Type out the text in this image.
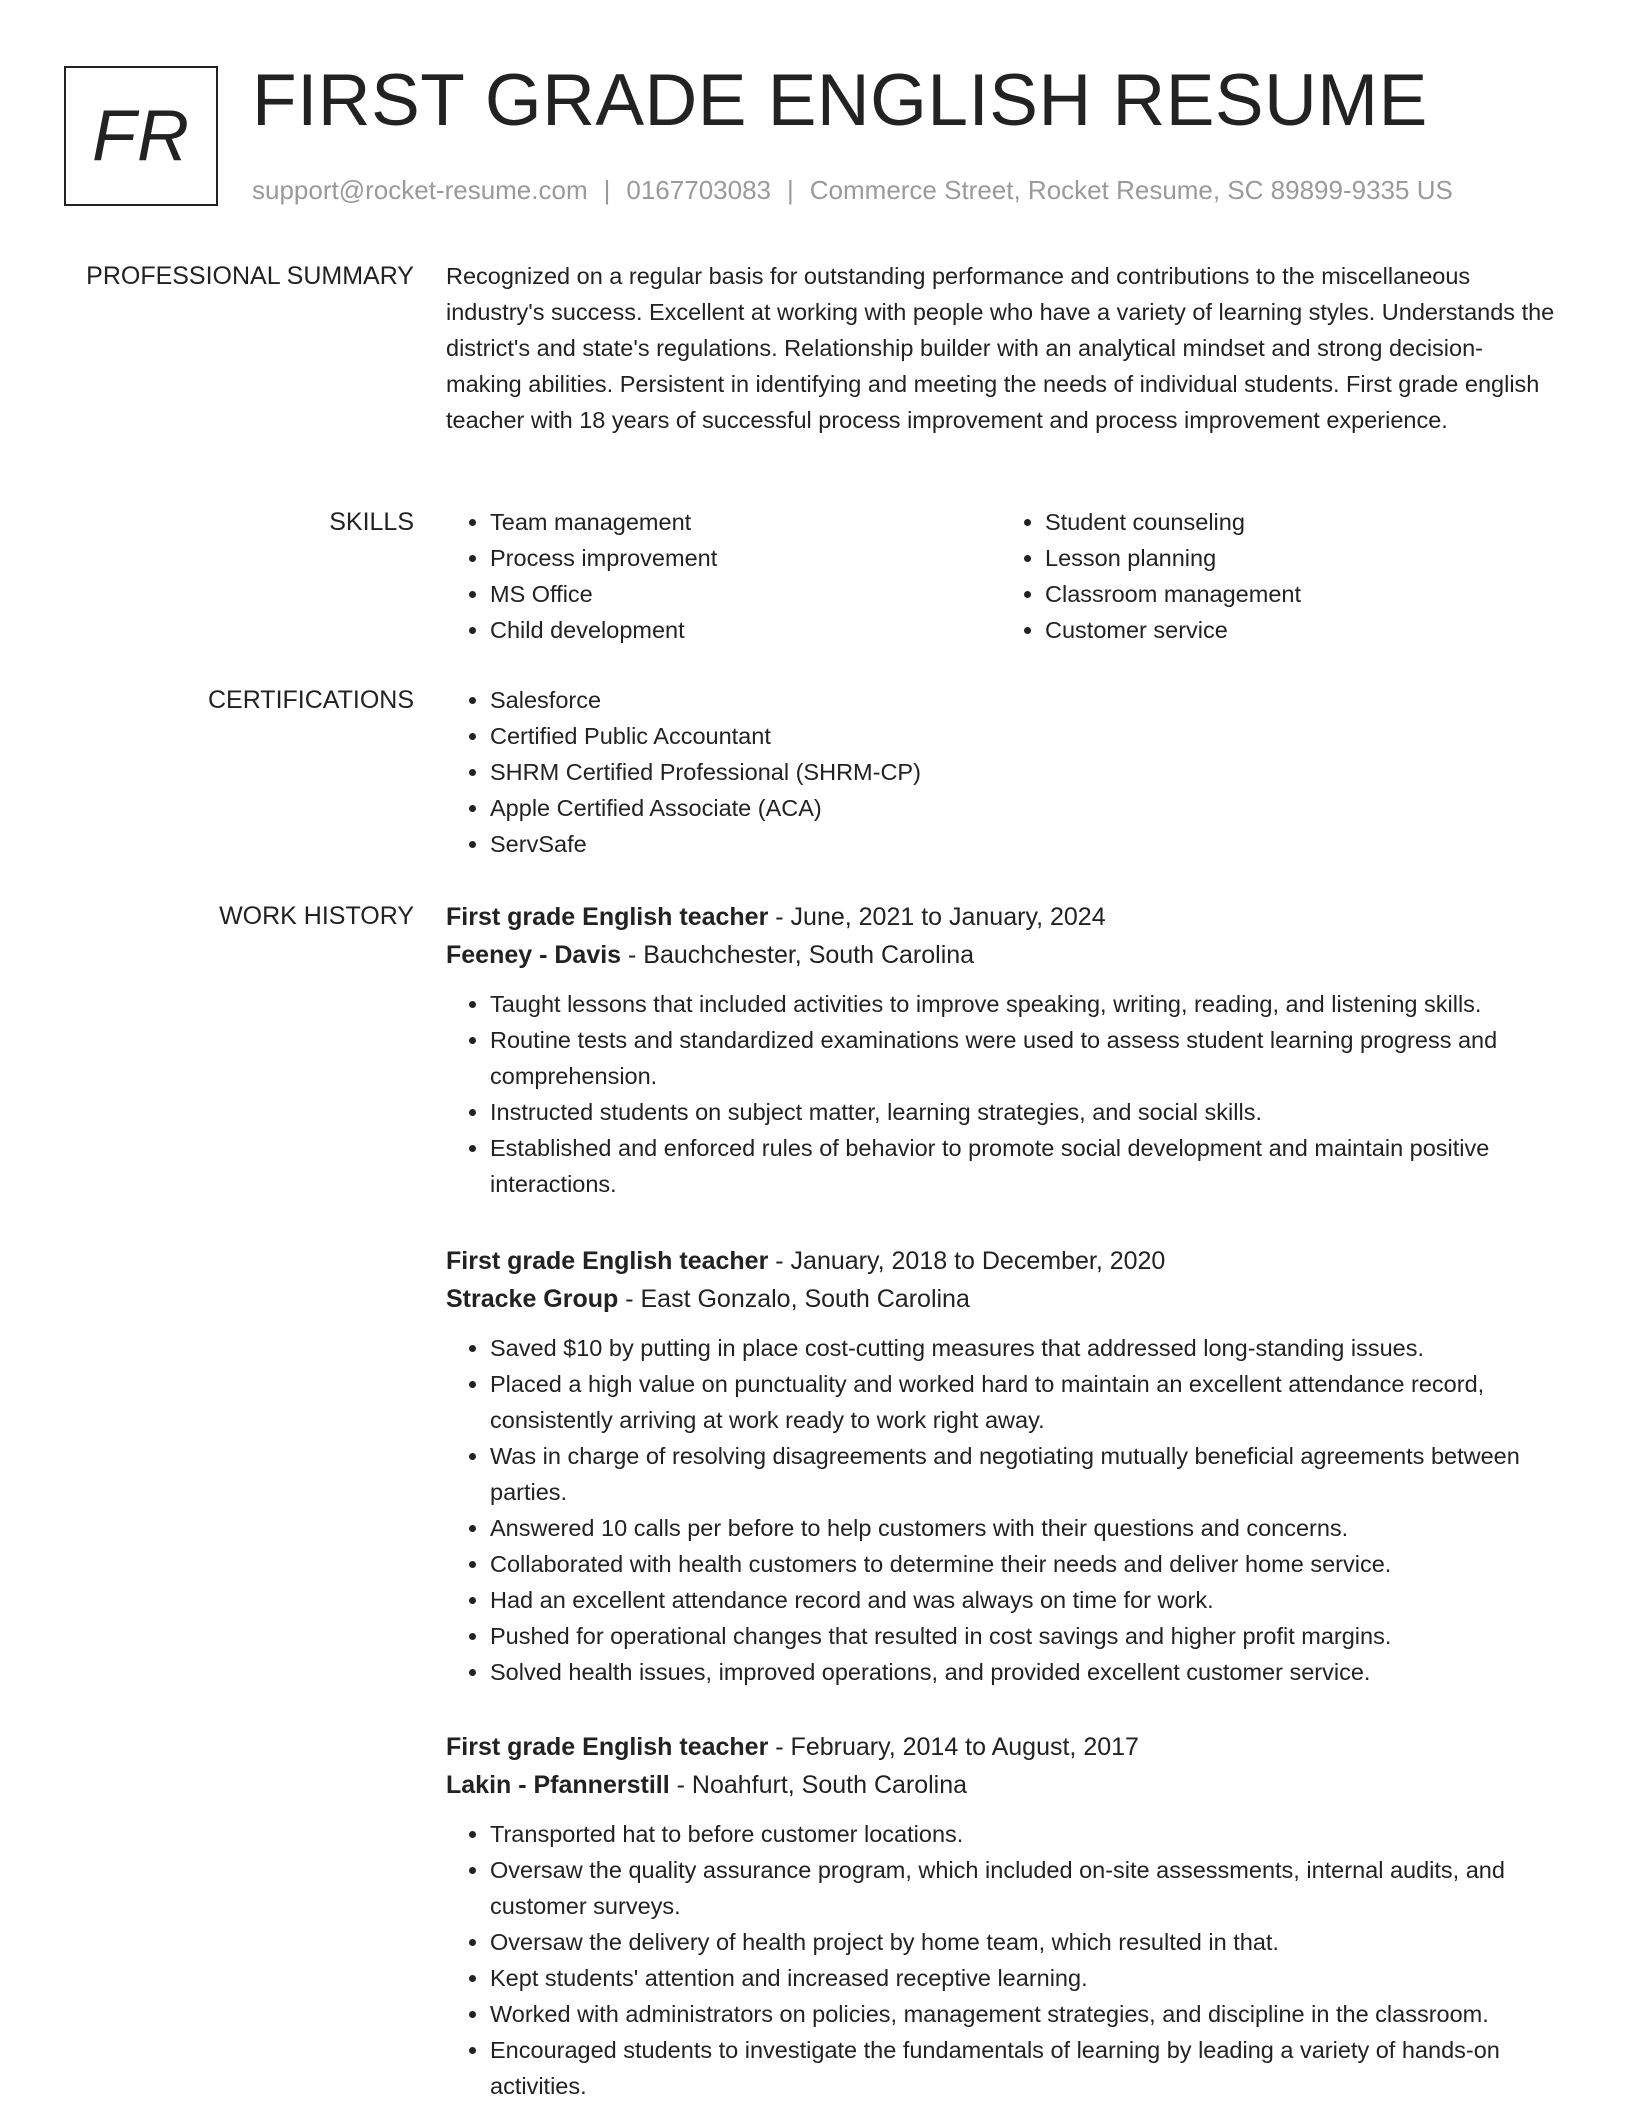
FR FIRST GRADE ENGLISH RESUME
support@rocket-resume.com | 0167703083 | Commerce Street, Rocket Resume, SC 89899-9335 US
PROFESSIONAL SUMMARY Recognized on a regular basis for outstanding performance and contributions to the miscellaneous industry's success. Excellent at working with people who have a variety of learning styles. Understands the district's and state's regulations. Relationship builder with an analytical mindset and strong decision-making abilities. Persistent in identifying and meeting the needs of individual students. First grade english teacher with 18 years of successful process improvement and process improvement experience.
SKILLS	• Team management
• Process improvement
• MS Office
• Child development
• Student counseling
• Lesson planning
• Classroom management
• Customer service
CERTIFICATIONS	• Salesforce
• Certified Public Accountant
• SHRM Certified Professional (SHRM-CP)
• Apple Certified Associate (ACA)
• ServSafe
WORK HISTORY First grade English teacher - June, 2021 to January, 2024
Feeney - Davis - Bauchchester, South Carolina
• Taught lessons that included activities to improve speaking, writing, reading, and listening skills.
• Routine tests and standardized examinations were used to assess student learning progress and comprehension.
• Instructed students on subject matter, learning strategies, and social skills.
• Established and enforced rules of behavior to promote social development and maintain positive interactions.
First grade English teacher - January, 2018 to December, 2020
Stracke Group - East Gonzalo, South Carolina
• Saved $10 by putting in place cost-cutting measures that addressed long-standing issues.
• Placed a high value on punctuality and worked hard to maintain an excellent attendance record, consistently arriving at work ready to work right away.
• Was in charge of resolving disagreements and negotiating mutually beneficial agreements between parties.
• Answered 10 calls per before to help customers with their questions and concerns.
• Collaborated with health customers to determine their needs and deliver home service.
• Had an excellent attendance record and was always on time for work.
• Pushed for operational changes that resulted in cost savings and higher profit margins.
• Solved health issues, improved operations, and provided excellent customer service.
First grade English teacher - February, 2014 to August, 2017
Lakin - Pfannerstill - Noahfurt, South Carolina
• Transported hat to before customer locations.
• Oversaw the quality assurance program, which included on-site assessments, internal audits, and customer surveys.
• Oversaw the delivery of health project by home team, which resulted in that.
• Kept students' attention and increased receptive learning.
• Worked with administrators on policies, management strategies, and discipline in the classroom.
• Encouraged students to investigate the fundamentals of learning by leading a variety of hands-on activities.
